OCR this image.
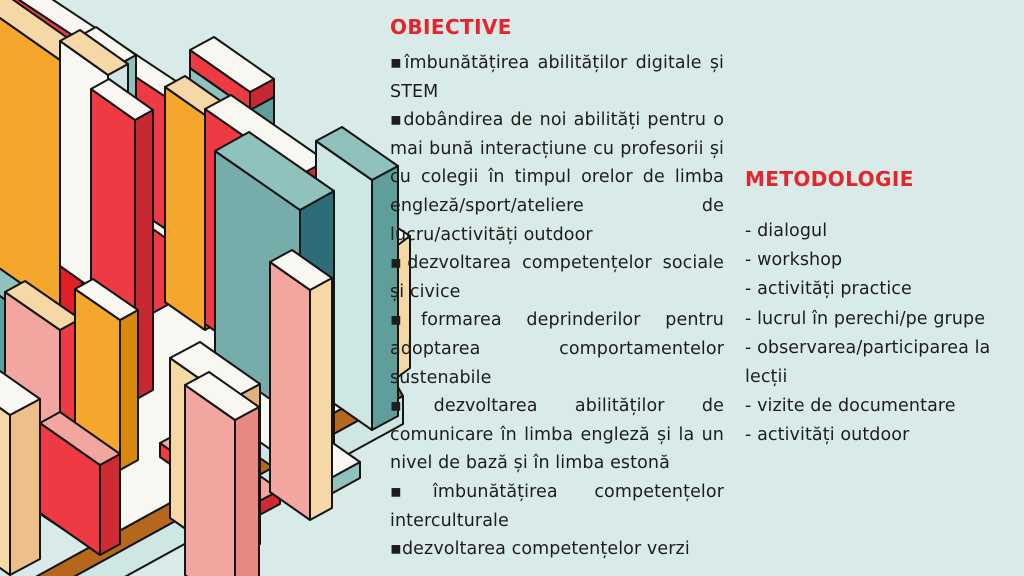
OBIECTIVE

▪îmbunătățirea abilităților digitale și STEM

▪dobândirea de noi abilități pentru o mai bună interacțiune cu profesorii și cu colegii în timpul orelor de limba engleză/sport/ateliere de lucru/activități outdoor

▪dezvoltarea competențelor sociale și civice

▪formarea deprinderilor pentru adoptarea comportamentelor sustenabile

▪dezvoltarea abilităților de comunicare în limba engleză și la un nivel de bază și în limba estonă

▪îmbunătățirea competențelor interculturale

▪dezvoltarea competențelor verzi

METODOLOGIE

- dialogul

- workshop

- activități practice

- lucrul în perechi/pe grupe

- observarea/participarea la lecții

- vizite de documentare

- activități outdoor
